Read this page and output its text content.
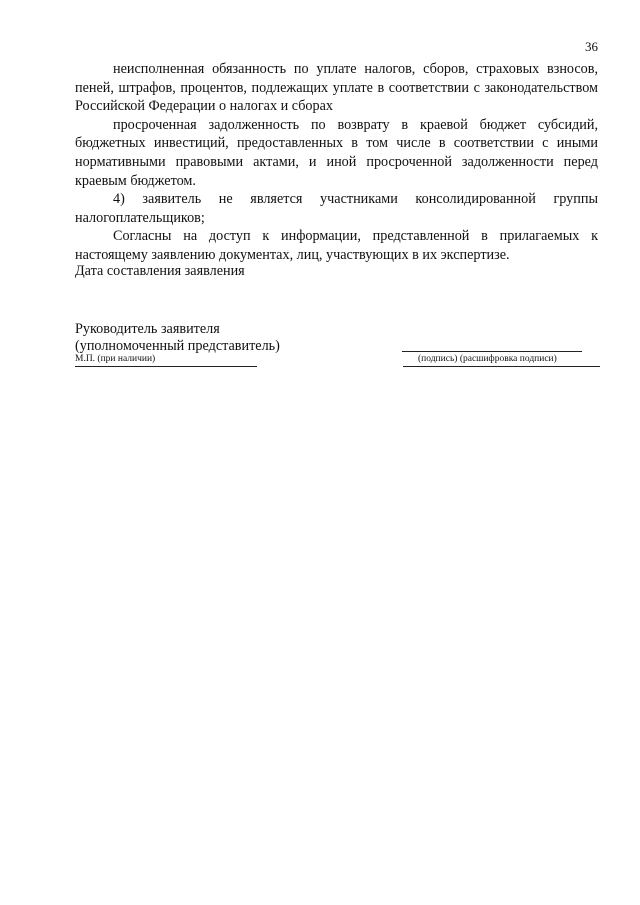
36

неисполненная обязанность по уплате налогов, сборов, страховых взносов, пеней, штрафов, процентов, подлежащих уплате в соответствии с законодательством Российской Федерации о налогах и сборах

просроченная задолженность по возврату в краевой бюджет субсидий, бюджетных инвестиций, предоставленных в том числе в соответствии с иными нормативными правовыми актами, и иной просроченной задолженности перед краевым бюджетом.

4) заявитель не является участниками консолидированной группы налогоплательщиков;

Согласны на доступ к информации, представленной в прилагаемых к настоящему заявлению документах, лиц, участвующих в их экспертизе.

Дата составления заявления
Руководитель заявителя
(уполномоченный представитель)
М.П. (при наличии)	(подпись) (расшифровка подписи)
